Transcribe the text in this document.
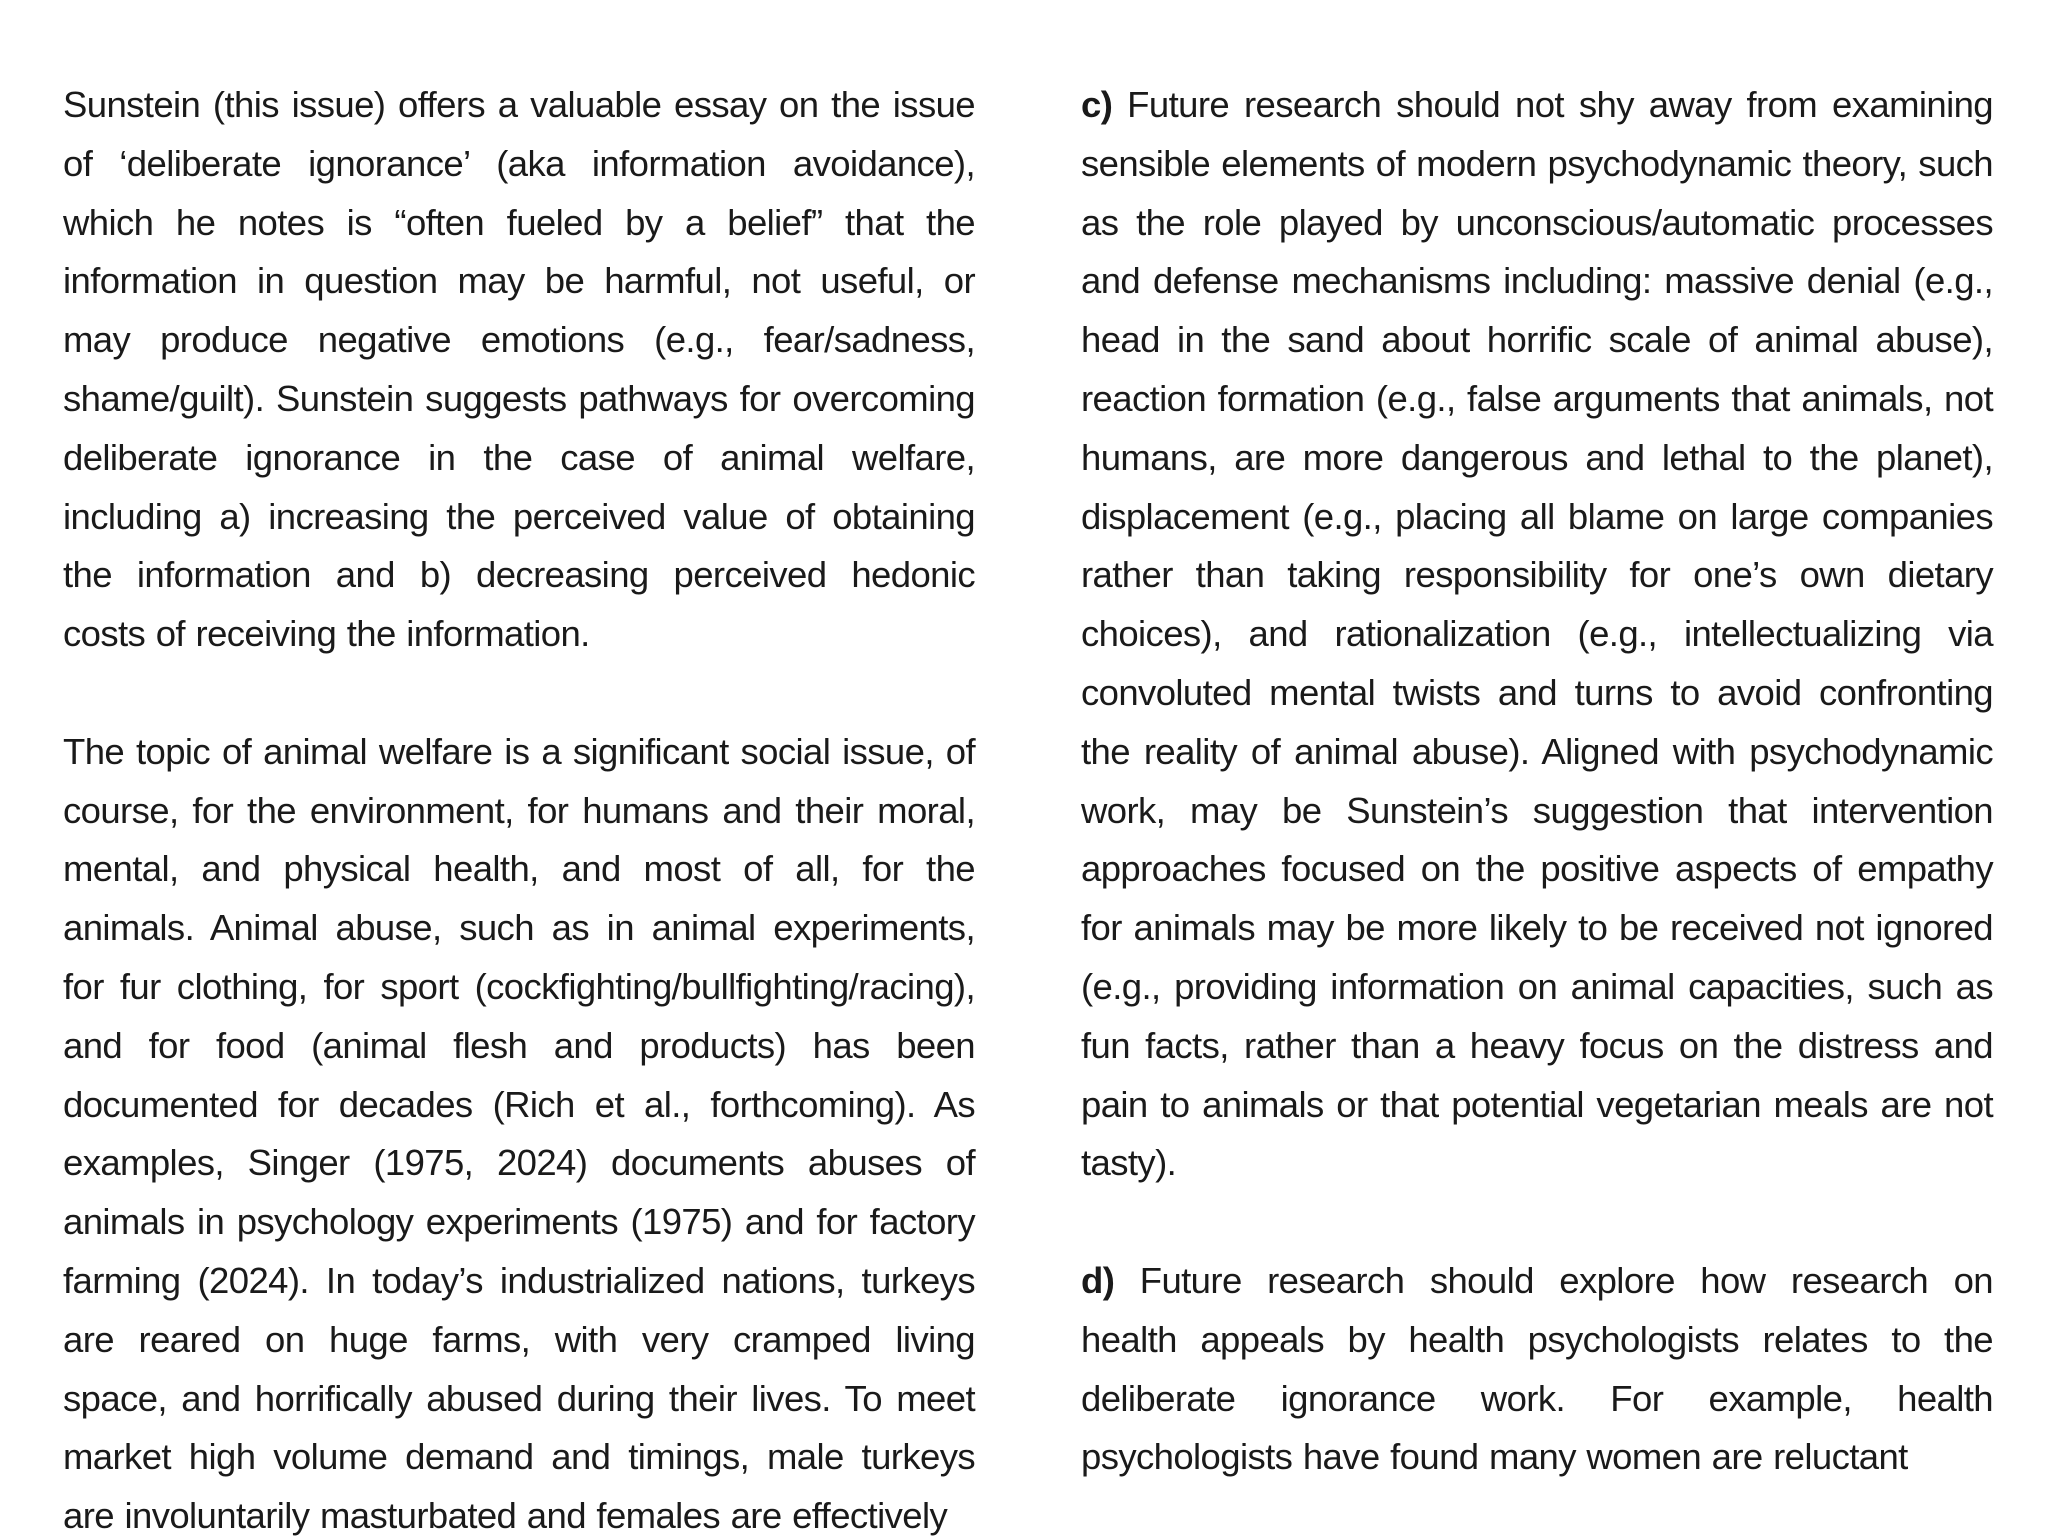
Sunstein (this issue) offers a valuable essay on the issue of ‘deliberate ignorance’ (aka information avoidance), which he notes is “often fueled by a belief” that the information in question may be harmful, not useful, or may produce negative emotions (e.g., fear/sadness, shame/guilt). Sunstein suggests pathways for overcoming deliberate ignorance in the case of animal welfare, including a) increasing the perceived value of obtaining the information and b) decreasing perceived hedonic costs of receiving the information.

The topic of animal welfare is a significant social issue, of course, for the environment, for humans and their moral, mental, and physical health, and most of all, for the animals. Animal abuse, such as in animal experiments, for fur clothing, for sport (cockfighting/bullfighting/racing), and for food (animal flesh and products) has been documented for decades (Rich et al., forthcoming). As examples, Singer (1975, 2024) documents abuses of animals in psychology experiments (1975) and for factory farming (2024). In today’s industrialized nations, turkeys are reared on huge farms, with very cramped living space, and horrifically abused during their lives. To meet market high volume demand and timings, male turkeys are involuntarily masturbated and females are effectively

c) Future research should not shy away from examining sensible elements of modern psychodynamic theory, such as the role played by unconscious/automatic processes and defense mechanisms including: massive denial (e.g., head in the sand about horrific scale of animal abuse), reaction formation (e.g., false arguments that animals, not humans, are more dangerous and lethal to the planet), displacement (e.g., placing all blame on large companies rather than taking responsibility for one’s own dietary choices), and rationalization (e.g., intellectualizing via convoluted mental twists and turns to avoid confronting the reality of animal abuse). Aligned with psychodynamic work, may be Sunstein’s suggestion that intervention approaches focused on the positive aspects of empathy for animals may be more likely to be received not ignored (e.g., providing information on animal capacities, such as fun facts, rather than a heavy focus on the distress and pain to animals or that potential vegetarian meals are not tasty).

d) Future research should explore how research on health appeals by health psychologists relates to the deliberate ignorance work. For example, health psychologists have found many women are reluctant
